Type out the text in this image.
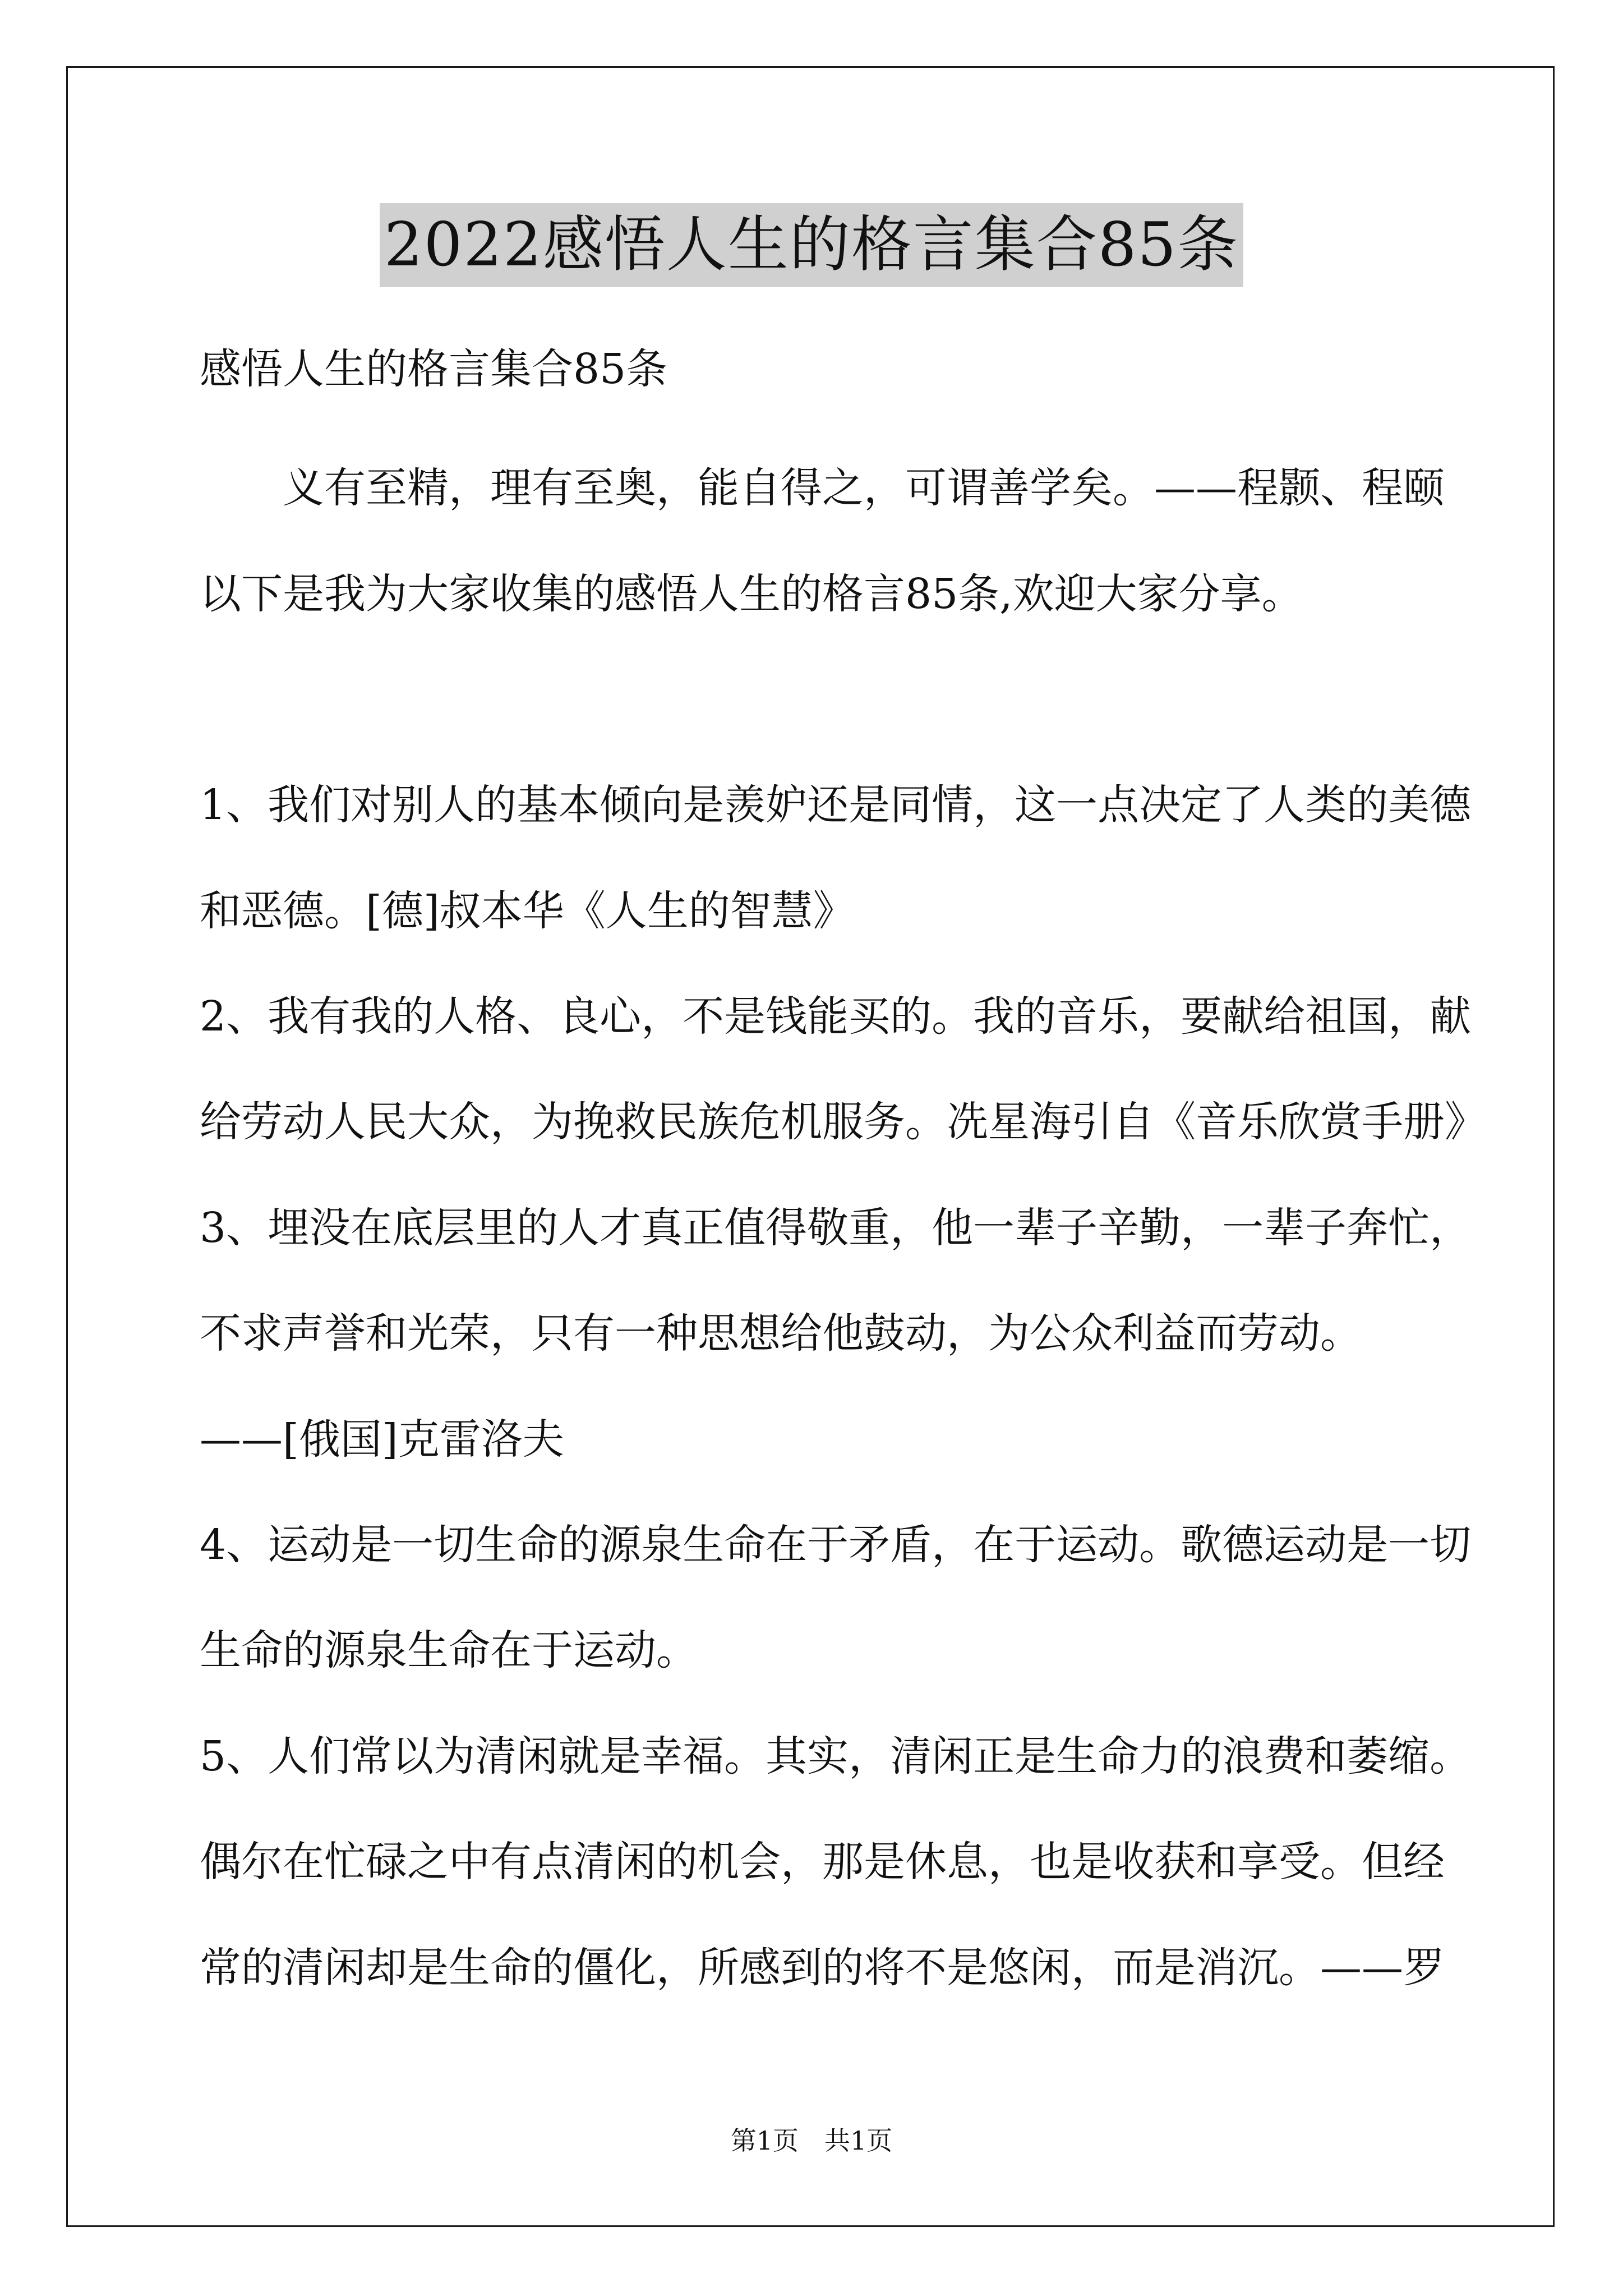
2022感悟人生的格言集合85条
感悟人生的格言集合85条
　　义有至精，理有至奥，能自得之，可谓善学矣。——程颢、程颐
以下是我为大家收集的感悟人生的格言85条,欢迎大家分享。
1、我们对别人的基本倾向是羡妒还是同情，这一点决定了人类的美德
和恶德。[德]叔本华《人生的智慧》
2、我有我的人格、良心，不是钱能买的。我的音乐，要献给祖国，献
给劳动人民大众，为挽救民族危机服务。冼星海引自《音乐欣赏手册》
3、埋没在底层里的人才真正值得敬重，他一辈子辛勤，一辈子奔忙，
不求声誉和光荣，只有一种思想给他鼓动，为公众利益而劳动。
——[俄国]克雷洛夫
4、运动是一切生命的源泉生命在于矛盾，在于运动。歌德运动是一切
生命的源泉生命在于运动。
5、人们常以为清闲就是幸福。其实，清闲正是生命力的浪费和萎缩。
偶尔在忙碌之中有点清闲的机会，那是休息，也是收获和享受。但经
常的清闲却是生命的僵化，所感到的将不是悠闲，而是消沉。——罗
第1页　共1页
